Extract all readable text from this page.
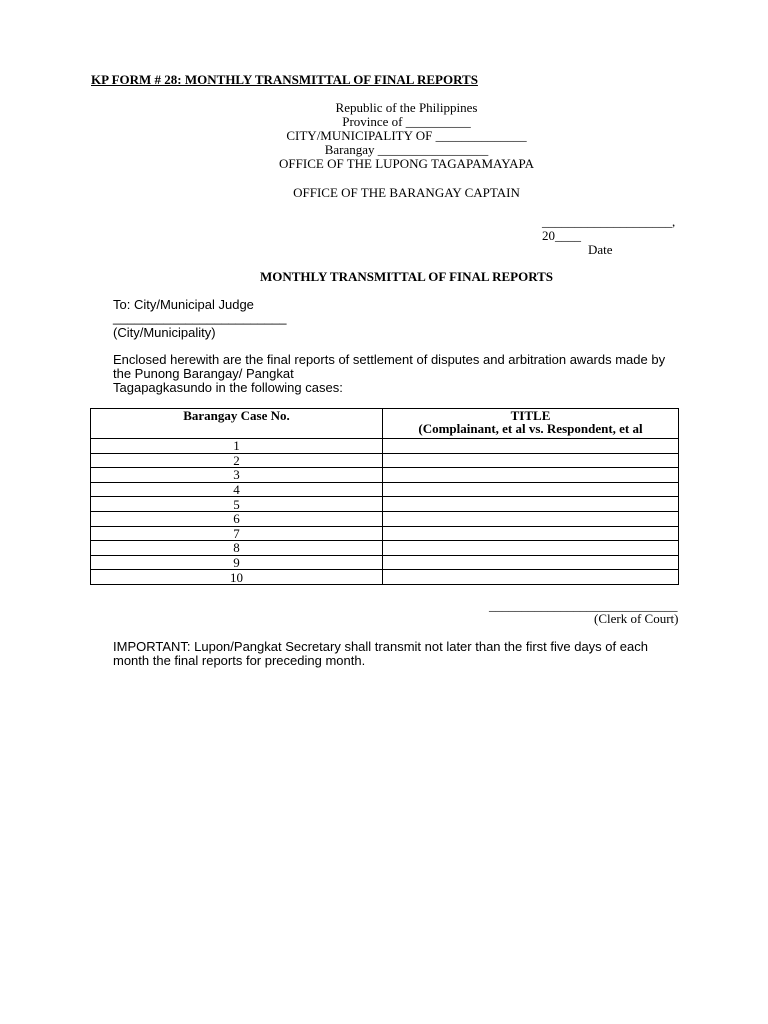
KP FORM # 28: MONTHLY TRANSMITTAL OF FINAL REPORTS
Republic of the Philippines
Province of __________
CITY/MUNICIPALITY OF ______________
Barangay _________________
OFFICE OF THE LUPONG TAGAPAMAYAPA
OFFICE OF THE BARANGAY CAPTAIN
____________________,
20____
Date
MONTHLY TRANSMITTAL OF FINAL REPORTS
To: City/Municipal Judge
________________________
(City/Municipality)
Enclosed herewith are the final reports of settlement of disputes and arbitration awards made by
the Punong Barangay/ Pangkat
Tagapagkasundo in the following cases:
Barangay Case No.	TITLE
(Complainant, et al vs. Respondent, et al

1	
2	
3	
4	
5	
6	
7	
8	
9	
10	
_____________________________
(Clerk of Court)
IMPORTANT: Lupon/Pangkat Secretary shall transmit not later than the first five days of each
month the final reports for preceding month.
